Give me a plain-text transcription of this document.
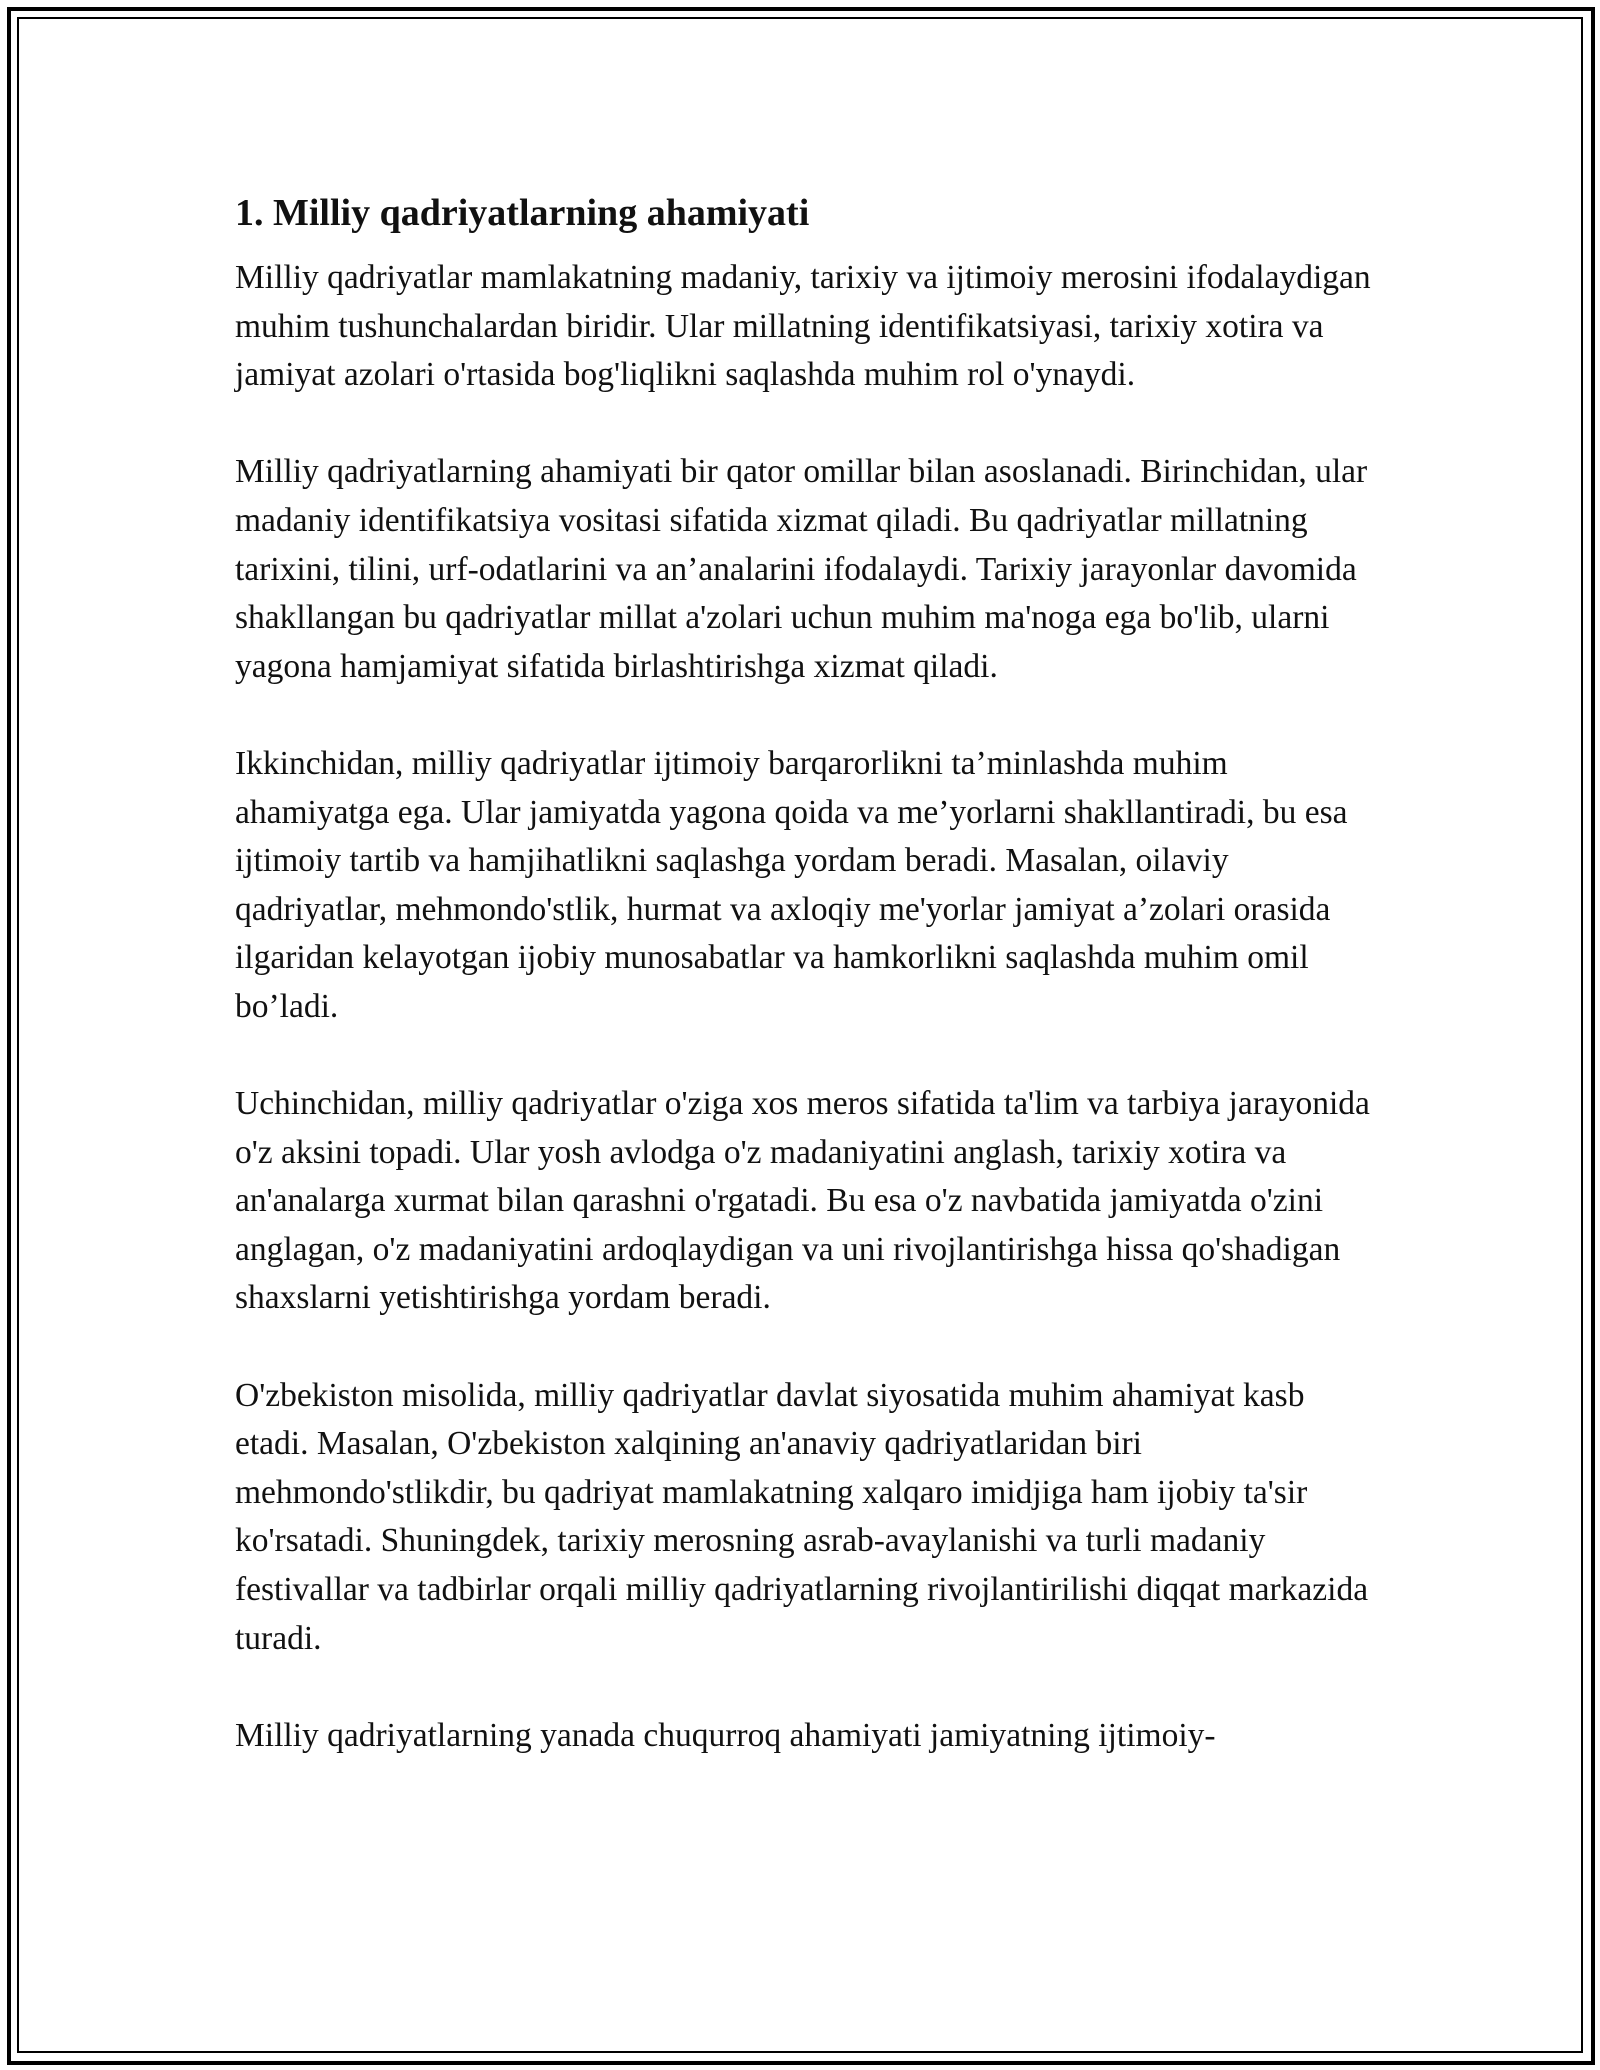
1. Milliy qadriyatlarning ahamiyati

Milliy qadriyatlar mamlakatning madaniy, tarixiy va ijtimoiy merosini ifodalaydigan muhim tushunchalardan biridir. Ular millatning identifikatsiyasi, tarixiy xotira va jamiyat azolari o'rtasida bog'liqlikni saqlashda muhim rol o'ynaydi.

Milliy qadriyatlarning ahamiyati bir qator omillar bilan asoslanadi. Birinchidan, ular madaniy identifikatsiya vositasi sifatida xizmat qiladi. Bu qadriyatlar millatning tarixini, tilini, urf-odatlarini va an’analarini ifodalaydi. Tarixiy jarayonlar davomida shakllangan bu qadriyatlar millat a'zolari uchun muhim ma'noga ega bo'lib, ularni yagona hamjamiyat sifatida birlashtirishga xizmat qiladi.

Ikkinchidan, milliy qadriyatlar ijtimoiy barqarorlikni ta’minlashda muhim ahamiyatga ega. Ular jamiyatda yagona qoida va me’yorlarni shakllantiradi, bu esa ijtimoiy tartib va hamjihatlikni saqlashga yordam beradi. Masalan, oilaviy qadriyatlar, mehmondo'stlik, hurmat va axloqiy me'yorlar jamiyat a’zolari orasida ilgaridan kelayotgan ijobiy munosabatlar va hamkorlikni saqlashda muhim omil bo’ladi.

Uchinchidan, milliy qadriyatlar o'ziga xos meros sifatida ta'lim va tarbiya jarayonida o'z aksini topadi. Ular yosh avlodga o'z madaniyatini anglash, tarixiy xotira va an'analarga xurmat bilan qarashni o'rgatadi. Bu esa o'z navbatida jamiyatda o'zini anglagan, o'z madaniyatini ardoqlaydigan va uni rivojlantirishga hissa qo'shadigan shaxslarni yetishtirishga yordam beradi.

O'zbekiston misolida, milliy qadriyatlar davlat siyosatida muhim ahamiyat kasb etadi. Masalan, O'zbekiston xalqining an'anaviy qadriyatlaridan biri mehmondo'stlikdir, bu qadriyat mamlakatning xalqaro imidjiga ham ijobiy ta'sir ko'rsatadi. Shuningdek, tarixiy merosning asrab-avaylanishi va turli madaniy festivallar va tadbirlar orqali milliy qadriyatlarning rivojlantirilishi diqqat markazida turadi.

Milliy qadriyatlarning yanada chuqurroq ahamiyati jamiyatning ijtimoiy-
